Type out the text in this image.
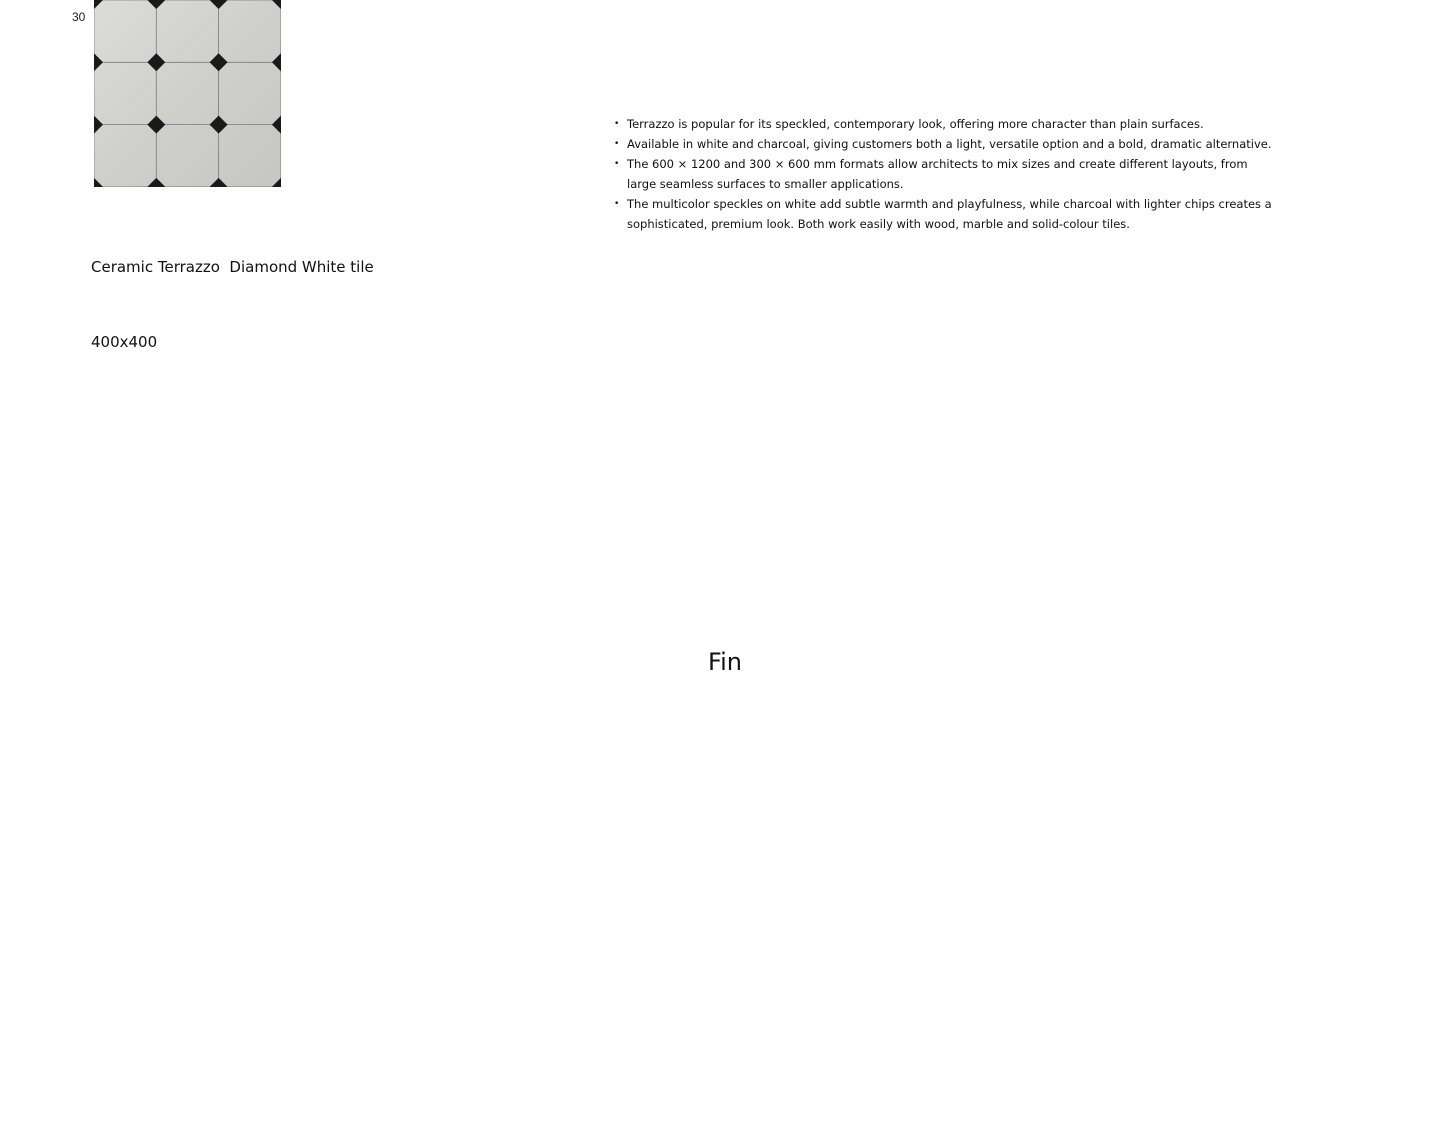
30

Ceramic Terrazzo  Diamond White tile

400x400

• Terrazzo is popular for its speckled, contemporary look, offering more character than plain surfaces.
• Available in white and charcoal, giving customers both a light, versatile option and a bold, dramatic alternative.
• The 600 × 1200 and 300 × 600 mm formats allow architects to mix sizes and create different layouts, from large seamless surfaces to smaller applications.
• The multicolor speckles on white add subtle warmth and playfulness, while charcoal with lighter chips creates a sophisticated, premium look. Both work easily with wood, marble and solid-colour tiles.
Fin
